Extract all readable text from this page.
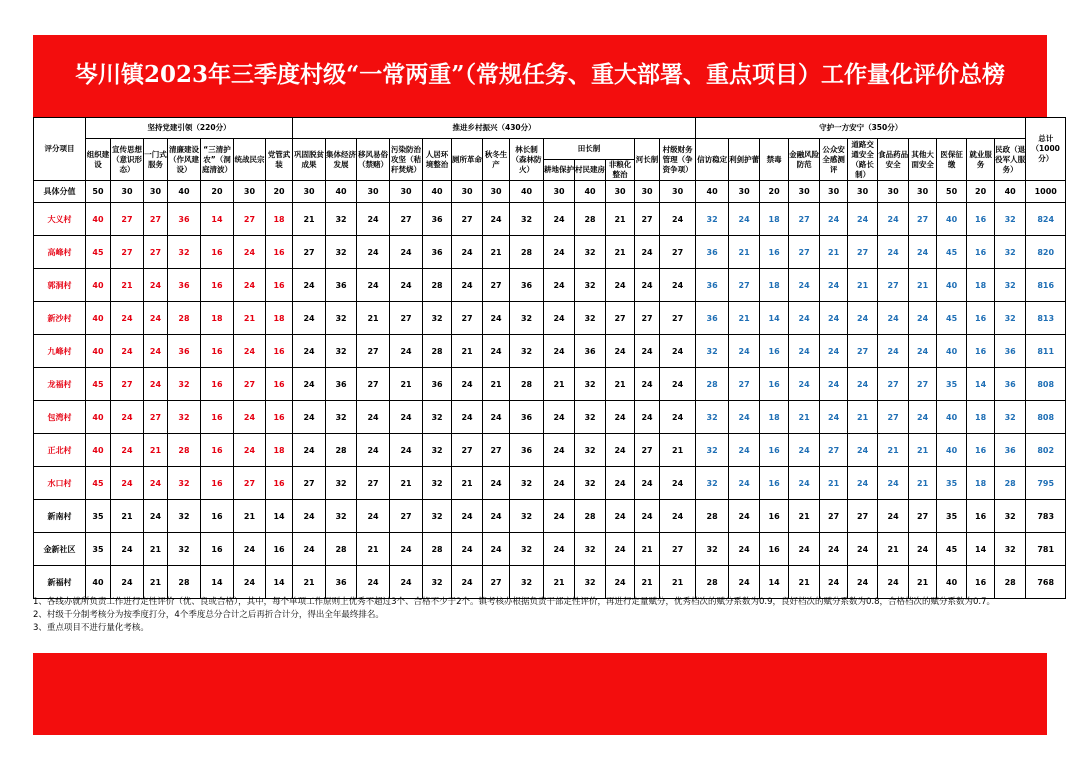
岑川镇2023年三季度村级“一常两重”（常规任务、重大部署、重点项目）工作量化评价总榜
评分项目	坚持党建引领（220分）							推进乡村振兴（430分）													守护一方安宁（350分）											总计（1000分）
	组织建设	宣传思想（意识形态）	一门式服务	清廉建设（作风建设）	“三清护农”（洞庭清波）	统战民宗	党管武装	巩固脱贫成果	集体经济发展	移风易俗（禁赌）	污染防治攻坚（秸秆焚烧）	人居环境整治	厕所革命	秋冬生产	林长制（森林防火）	田长制			河长制	村级财务管理（争资争项）	信访稳定	利剑护蕾	禁毒	金融风险防范	公众安全感测评	道路交通安全（路长制）	食品药品安全	其他大面安全	医保征缴	就业服务	民政（退役军人服务）	
																耕地保护	村民建房	非粮化整治														
具体分值	50	30	30	40	20	30	20	30	40	30	30	40	30	30	40	30	40	30	30	30	40	30	20	30	30	30	30	30	50	20	40	1000
大义村	40	27	27	36	14	27	18	21	32	24	27	36	27	24	32	24	28	21	27	24	32	24	18	27	24	24	24	27	40	16	32	824
高峰村	45	27	27	32	16	24	16	27	32	24	24	36	24	21	28	24	32	21	24	27	36	21	16	27	21	27	24	24	45	16	32	820
郭洞村	40	21	24	36	16	24	16	24	36	24	24	28	24	27	36	24	32	24	24	24	36	27	18	24	24	21	27	21	40	18	32	816
新沙村	40	24	24	28	18	21	18	24	32	21	27	32	27	24	32	24	32	27	27	27	36	21	14	24	24	24	24	24	45	16	32	813
九峰村	40	24	24	36	16	24	16	24	32	27	24	28	21	24	32	24	36	24	24	24	32	24	16	24	24	27	24	24	40	16	36	811
龙福村	45	27	24	32	16	27	16	24	36	27	21	36	24	21	28	21	32	21	24	24	28	27	16	24	24	24	27	27	35	14	36	808
包湾村	40	24	27	32	16	24	16	24	32	24	24	32	24	24	36	24	32	24	24	24	32	24	18	21	24	21	27	24	40	18	32	808
正北村	40	24	21	28	16	24	18	24	28	24	24	32	27	27	36	24	32	24	27	21	32	24	16	24	27	24	21	21	40	16	36	802
水口村	45	24	24	32	16	27	16	27	32	27	21	32	21	24	32	24	32	24	24	24	32	24	16	24	21	24	24	21	35	18	28	795
新南村	35	21	24	32	16	21	14	24	32	24	27	32	24	24	32	24	28	24	24	24	28	24	16	21	27	27	24	27	35	16	32	783
金新社区	35	24	21	32	16	24	16	24	28	21	24	28	24	24	32	24	32	24	21	27	32	24	16	24	24	24	21	24	45	14	32	781
新福村	40	24	21	28	14	24	14	21	36	24	24	32	24	27	32	21	32	24	21	21	28	24	14	21	24	24	24	21	40	16	28	768
1、各线办就所负责工作进行定性评价（优、良或合格），其中，每个单项工作原则上优秀不超过3个、合格不少于2个。镇考核办根据负责干部定性评价，再进行定量赋分，优秀档次的赋分系数为0.9，良好档次的赋分系数为0.8，合格档次的赋分系数为0.7。
2、村级千分制考核分为按季度打分，4个季度总分合计之后再折合计分，得出全年最终排名。
3、重点项目不进行量化考核。
